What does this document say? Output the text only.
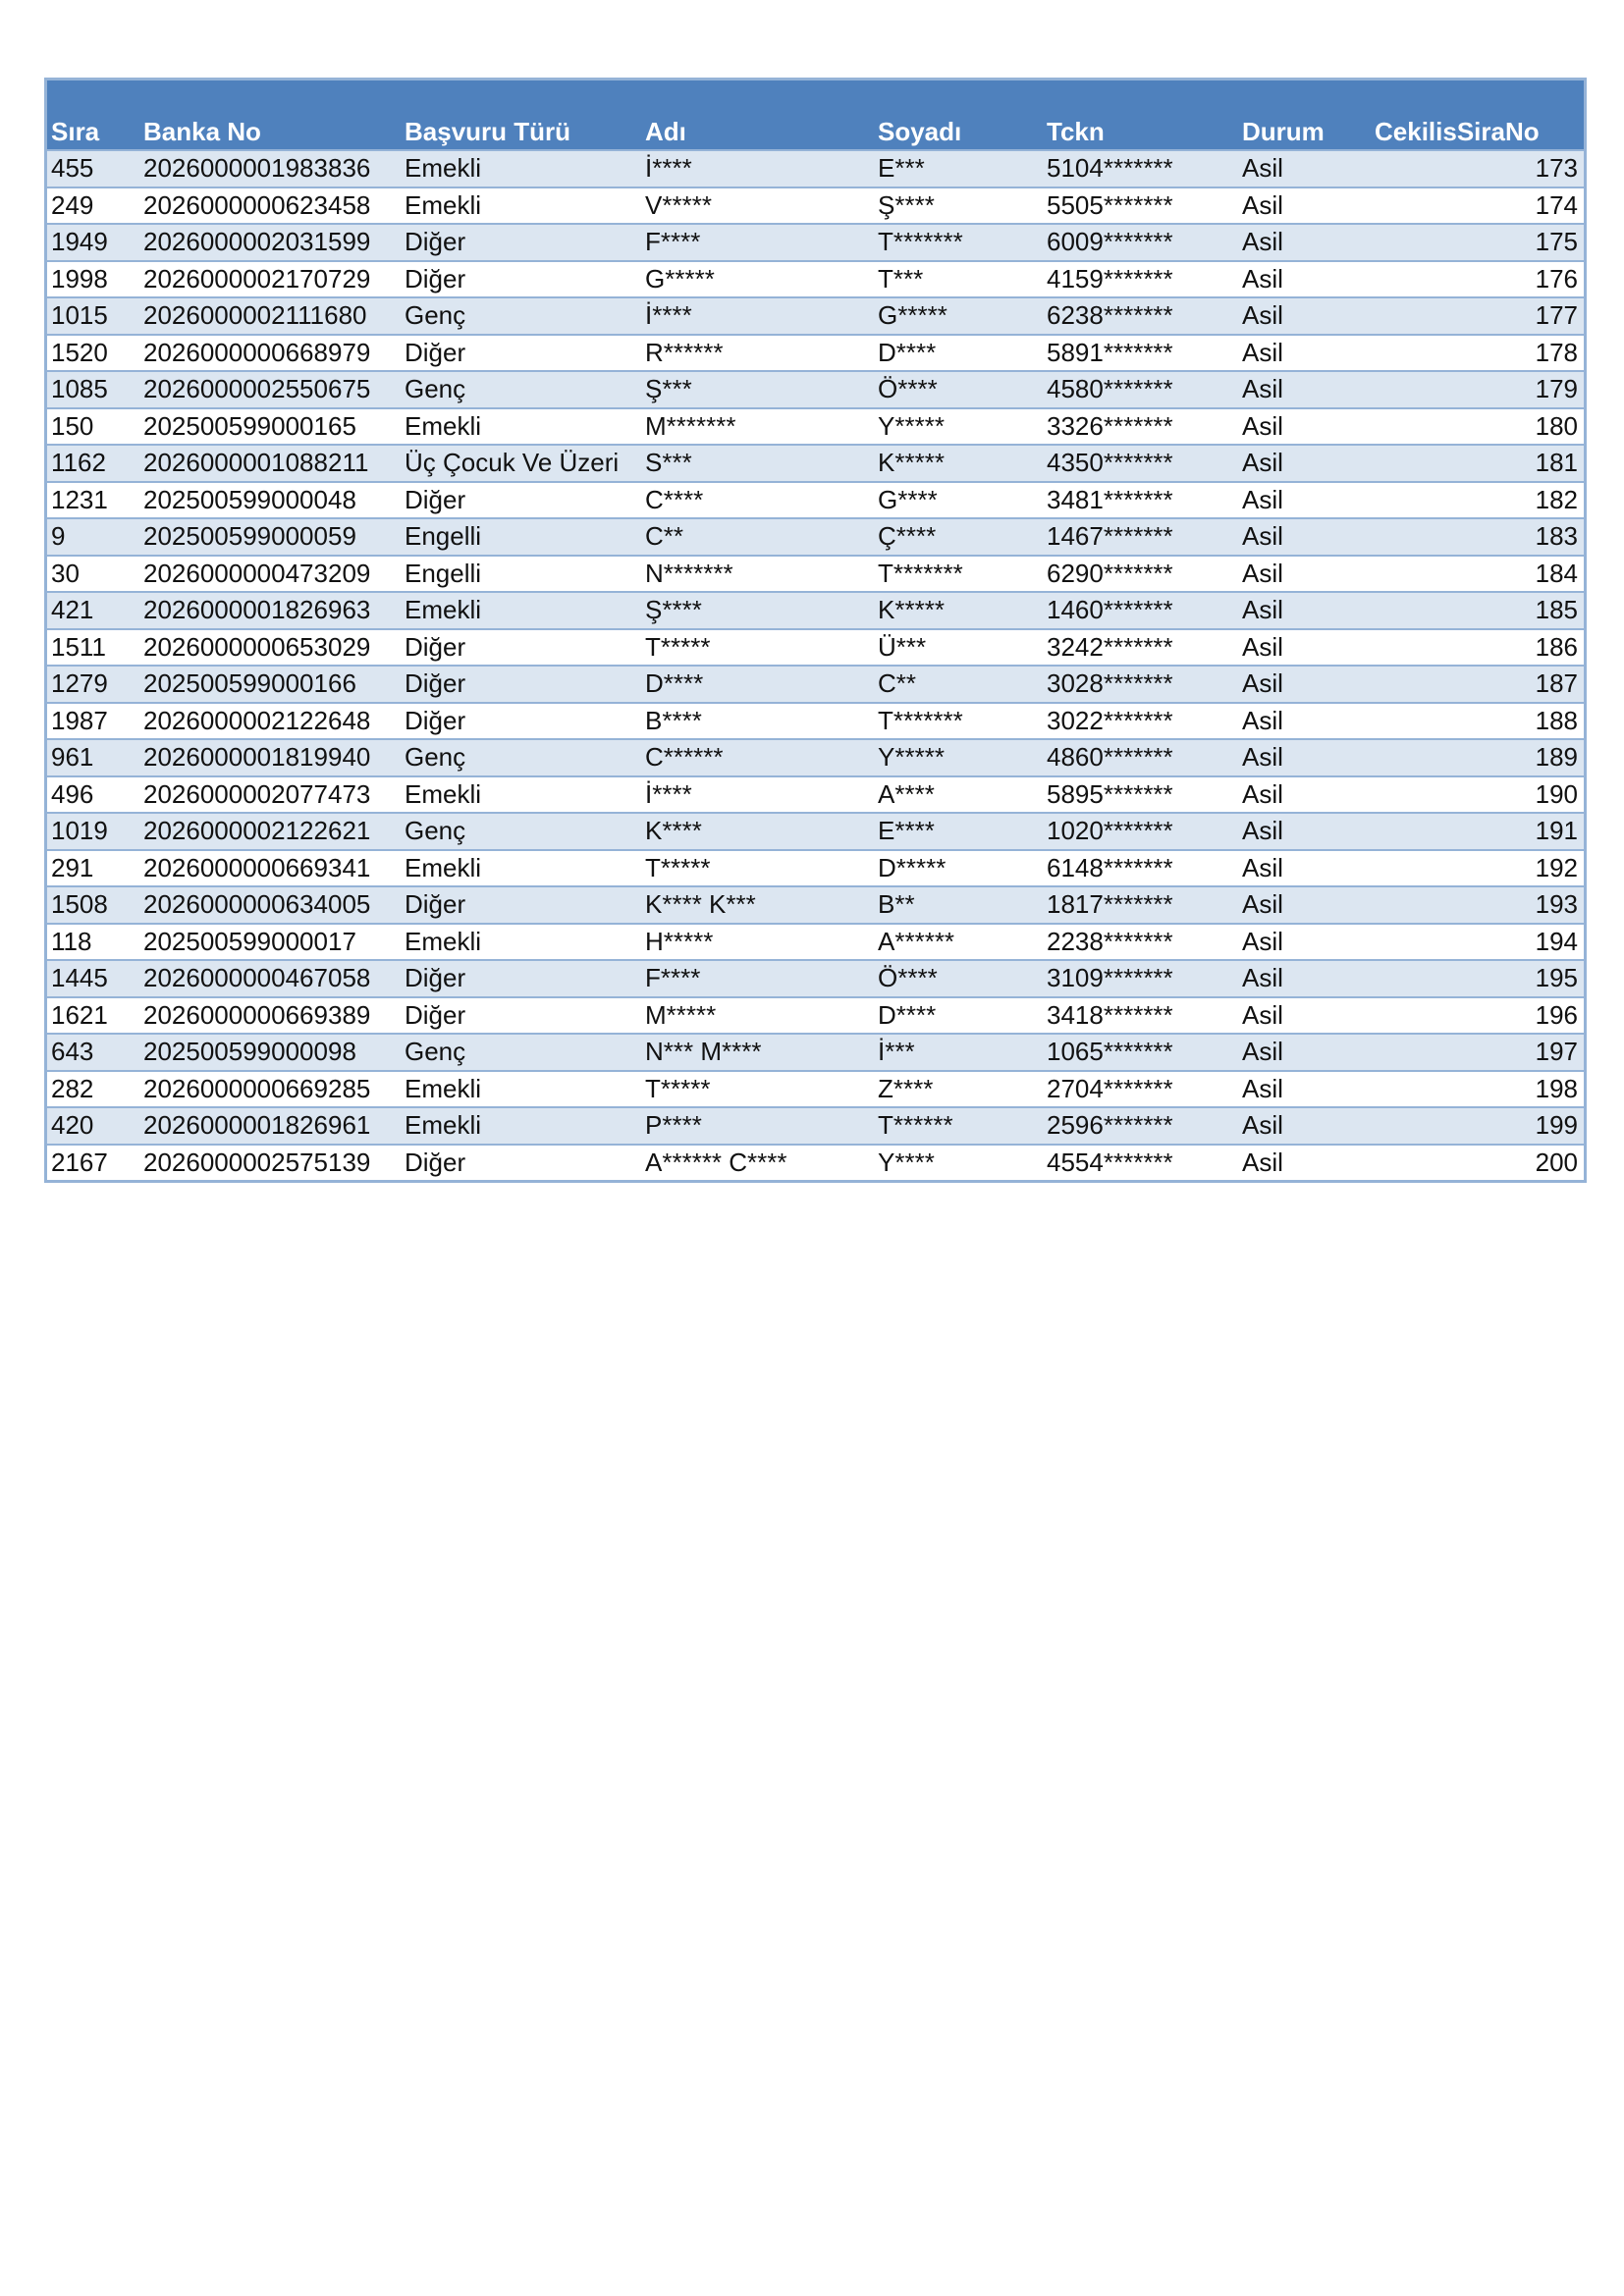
Sıra	Banka No	Başvuru Türü	Adı	Soyadı	Tckn	Durum	CekilisSiraNo
455	2026000001983836	Emekli	İ****	E***	5104*******	Asil	173
249	2026000000623458	Emekli	V*****	Ş****	5505*******	Asil	174
1949	2026000002031599	Diğer	F****	T*******	6009*******	Asil	175
1998	2026000002170729	Diğer	G*****	T***	4159*******	Asil	176
1015	2026000002111680	Genç	İ****	G*****	6238*******	Asil	177
1520	2026000000668979	Diğer	R******	D****	5891*******	Asil	178
1085	2026000002550675	Genç	Ş***	Ö****	4580*******	Asil	179
150	202500599000165	Emekli	M*******	Y*****	3326*******	Asil	180
1162	2026000001088211	Üç Çocuk Ve Üzeri	S***	K*****	4350*******	Asil	181
1231	202500599000048	Diğer	C****	G****	3481*******	Asil	182
9	202500599000059	Engelli	C**	Ç****	1467*******	Asil	183
30	2026000000473209	Engelli	N*******	T*******	6290*******	Asil	184
421	2026000001826963	Emekli	Ş****	K*****	1460*******	Asil	185
1511	2026000000653029	Diğer	T*****	Ü***	3242*******	Asil	186
1279	202500599000166	Diğer	D****	C**	3028*******	Asil	187
1987	2026000002122648	Diğer	B****	T*******	3022*******	Asil	188
961	2026000001819940	Genç	C******	Y*****	4860*******	Asil	189
496	2026000002077473	Emekli	İ****	A****	5895*******	Asil	190
1019	2026000002122621	Genç	K****	E****	1020*******	Asil	191
291	2026000000669341	Emekli	T*****	D*****	6148*******	Asil	192
1508	2026000000634005	Diğer	K**** K***	B**	1817*******	Asil	193
118	202500599000017	Emekli	H*****	A******	2238*******	Asil	194
1445	2026000000467058	Diğer	F****	Ö****	3109*******	Asil	195
1621	2026000000669389	Diğer	M*****	D****	3418*******	Asil	196
643	202500599000098	Genç	N*** M****	İ***	1065*******	Asil	197
282	2026000000669285	Emekli	T*****	Z****	2704*******	Asil	198
420	2026000001826961	Emekli	P****	T******	2596*******	Asil	199
2167	2026000002575139	Diğer	A****** C****	Y****	4554*******	Asil	200
